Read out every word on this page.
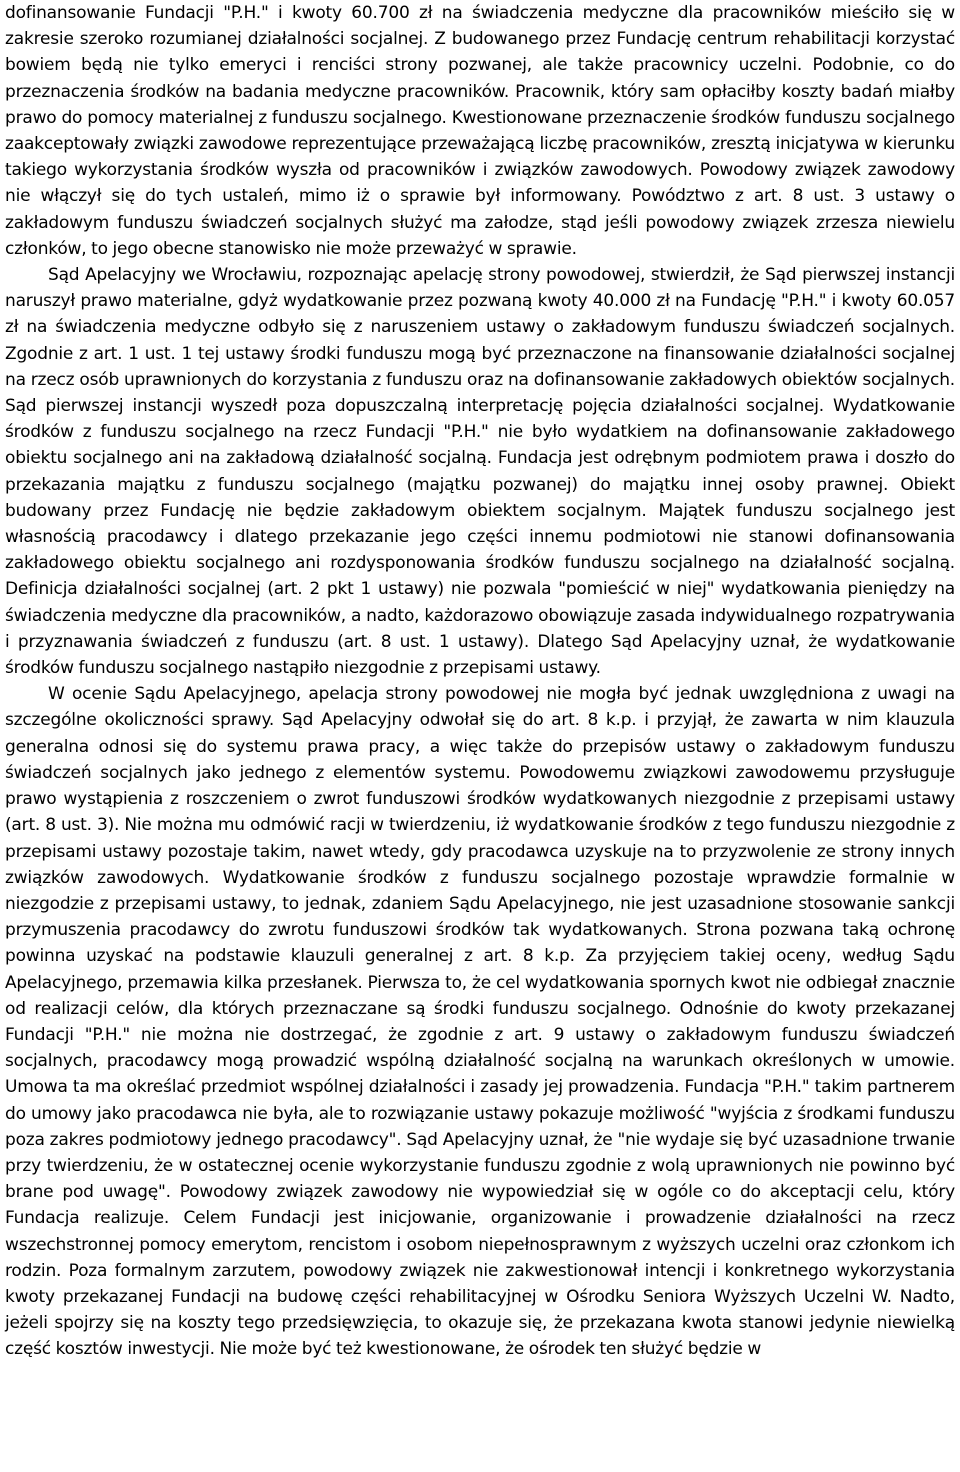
dofinansowanie Fundacji "P.H." i kwoty 60.700 zł na świadczenia medyczne dla pracowników mieściło się w zakresie szeroko rozumianej działalności socjalnej. Z budowanego przez Fundację centrum rehabilitacji korzystać bowiem będą nie tylko emeryci i renciści strony pozwanej, ale także pracownicy uczelni. Podobnie, co do przeznaczenia środków na badania medyczne pracowników. Pracownik, który sam opłaciłby koszty badań miałby prawo do pomocy materialnej z funduszu socjalnego. Kwestionowane przeznaczenie środków funduszu socjalnego zaakceptowały związki zawodowe reprezentujące przeważającą liczbę pracowników, zresztą inicjatywa w kierunku takiego wykorzystania środków wyszła od pracowników i związków zawodowych. Powodowy związek zawodowy nie włączył się do tych ustaleń, mimo iż o sprawie był informowany. Powództwo z art. 8 ust. 3 ustawy o zakładowym funduszu świadczeń socjalnych służyć ma załodze, stąd jeśli powodowy związek zrzesza niewielu członków, to jego obecne stanowisko nie może przeważyć w sprawie.

Sąd Apelacyjny we Wrocławiu, rozpoznając apelację strony powodowej, stwierdził, że Sąd pierwszej instancji naruszył prawo materialne, gdyż wydatkowanie przez pozwaną kwoty 40.000 zł na Fundację "P.H." i kwoty 60.057 zł na świadczenia medyczne odbyło się z naruszeniem ustawy o zakładowym funduszu świadczeń socjalnych. Zgodnie z art. 1 ust. 1 tej ustawy środki funduszu mogą być przeznaczone na finansowanie działalności socjalnej na rzecz osób uprawnionych do korzystania z funduszu oraz na dofinansowanie zakładowych obiektów socjalnych. Sąd pierwszej instancji wyszedł poza dopuszczalną interpretację pojęcia działalności socjalnej. Wydatkowanie środków z funduszu socjalnego na rzecz Fundacji "P.H." nie było wydatkiem na dofinansowanie zakładowego obiektu socjalnego ani na zakładową działalność socjalną. Fundacja jest odrębnym podmiotem prawa i doszło do przekazania majątku z funduszu socjalnego (majątku pozwanej) do majątku innej osoby prawnej. Obiekt budowany przez Fundację nie będzie zakładowym obiektem socjalnym. Majątek funduszu socjalnego jest własnością pracodawcy i dlatego przekazanie jego części innemu podmiotowi nie stanowi dofinansowania zakładowego obiektu socjalnego ani rozdysponowania środków funduszu socjalnego na działalność socjalną. Definicja działalności socjalnej (art. 2 pkt 1 ustawy) nie pozwala "pomieścić w niej" wydatkowania pieniędzy na świadczenia medyczne dla pracowników, a nadto, każdorazowo obowiązuje zasada indywidualnego rozpatrywania i przyznawania świadczeń z funduszu (art. 8 ust. 1 ustawy). Dlatego Sąd Apelacyjny uznał, że wydatkowanie środków funduszu socjalnego nastąpiło niezgodnie z przepisami ustawy.

W ocenie Sądu Apelacyjnego, apelacja strony powodowej nie mogła być jednak uwzględniona z uwagi na szczególne okoliczności sprawy. Sąd Apelacyjny odwołał się do art. 8 k.p. i przyjął, że zawarta w nim klauzula generalna odnosi się do systemu prawa pracy, a więc także do przepisów ustawy o zakładowym funduszu świadczeń socjalnych jako jednego z elementów systemu. Powodowemu związkowi zawodowemu przysługuje prawo wystąpienia z roszczeniem o zwrot funduszowi środków wydatkowanych niezgodnie z przepisami ustawy (art. 8 ust. 3). Nie można mu odmówić racji w twierdzeniu, iż wydatkowanie środków z tego funduszu niezgodnie z przepisami ustawy pozostaje takim, nawet wtedy, gdy pracodawca uzyskuje na to przyzwolenie ze strony innych związków zawodowych. Wydatkowanie środków z funduszu socjalnego pozostaje wprawdzie formalnie w niezgodzie z przepisami ustawy, to jednak, zdaniem Sądu Apelacyjnego, nie jest uzasadnione stosowanie sankcji przymuszenia pracodawcy do zwrotu funduszowi środków tak wydatkowanych. Strona pozwana taką ochronę powinna uzyskać na podstawie klauzuli generalnej z art. 8 k.p. Za przyjęciem takiej oceny, według Sądu Apelacyjnego, przemawia kilka przesłanek. Pierwsza to, że cel wydatkowania spornych kwot nie odbiegał znacznie od realizacji celów, dla których przeznaczane są środki funduszu socjalnego. Odnośnie do kwoty przekazanej Fundacji "P.H." nie można nie dostrzegać, że zgodnie z art. 9 ustawy o zakładowym funduszu świadczeń socjalnych, pracodawcy mogą prowadzić wspólną działalność socjalną na warunkach określonych w umowie. Umowa ta ma określać przedmiot wspólnej działalności i zasady jej prowadzenia. Fundacja "P.H." takim partnerem do umowy jako pracodawca nie była, ale to rozwiązanie ustawy pokazuje możliwość "wyjścia z środkami funduszu poza zakres podmiotowy jednego pracodawcy". Sąd Apelacyjny uznał, że "nie wydaje się być uzasadnione trwanie przy twierdzeniu, że w ostatecznej ocenie wykorzystanie funduszu zgodnie z wolą uprawnionych nie powinno być brane pod uwagę". Powodowy związek zawodowy nie wypowiedział się w ogóle co do akceptacji celu, który Fundacja realizuje. Celem Fundacji jest inicjowanie, organizowanie i prowadzenie działalności na rzecz wszechstronnej pomocy emerytom, rencistom i osobom niepełnosprawnym z wyższych uczelni oraz członkom ich rodzin. Poza formalnym zarzutem, powodowy związek nie zakwestionował intencji i konkretnego wykorzystania kwoty przekazanej Fundacji na budowę części rehabilitacyjnej w Ośrodku Seniora Wyższych Uczelni W. Nadto, jeżeli spojrzy się na koszty tego przedsięwzięcia, to okazuje się, że przekazana kwota stanowi jedynie niewielką część kosztów inwestycji. Nie może być też kwestionowane, że ośrodek ten służyć będzie w
